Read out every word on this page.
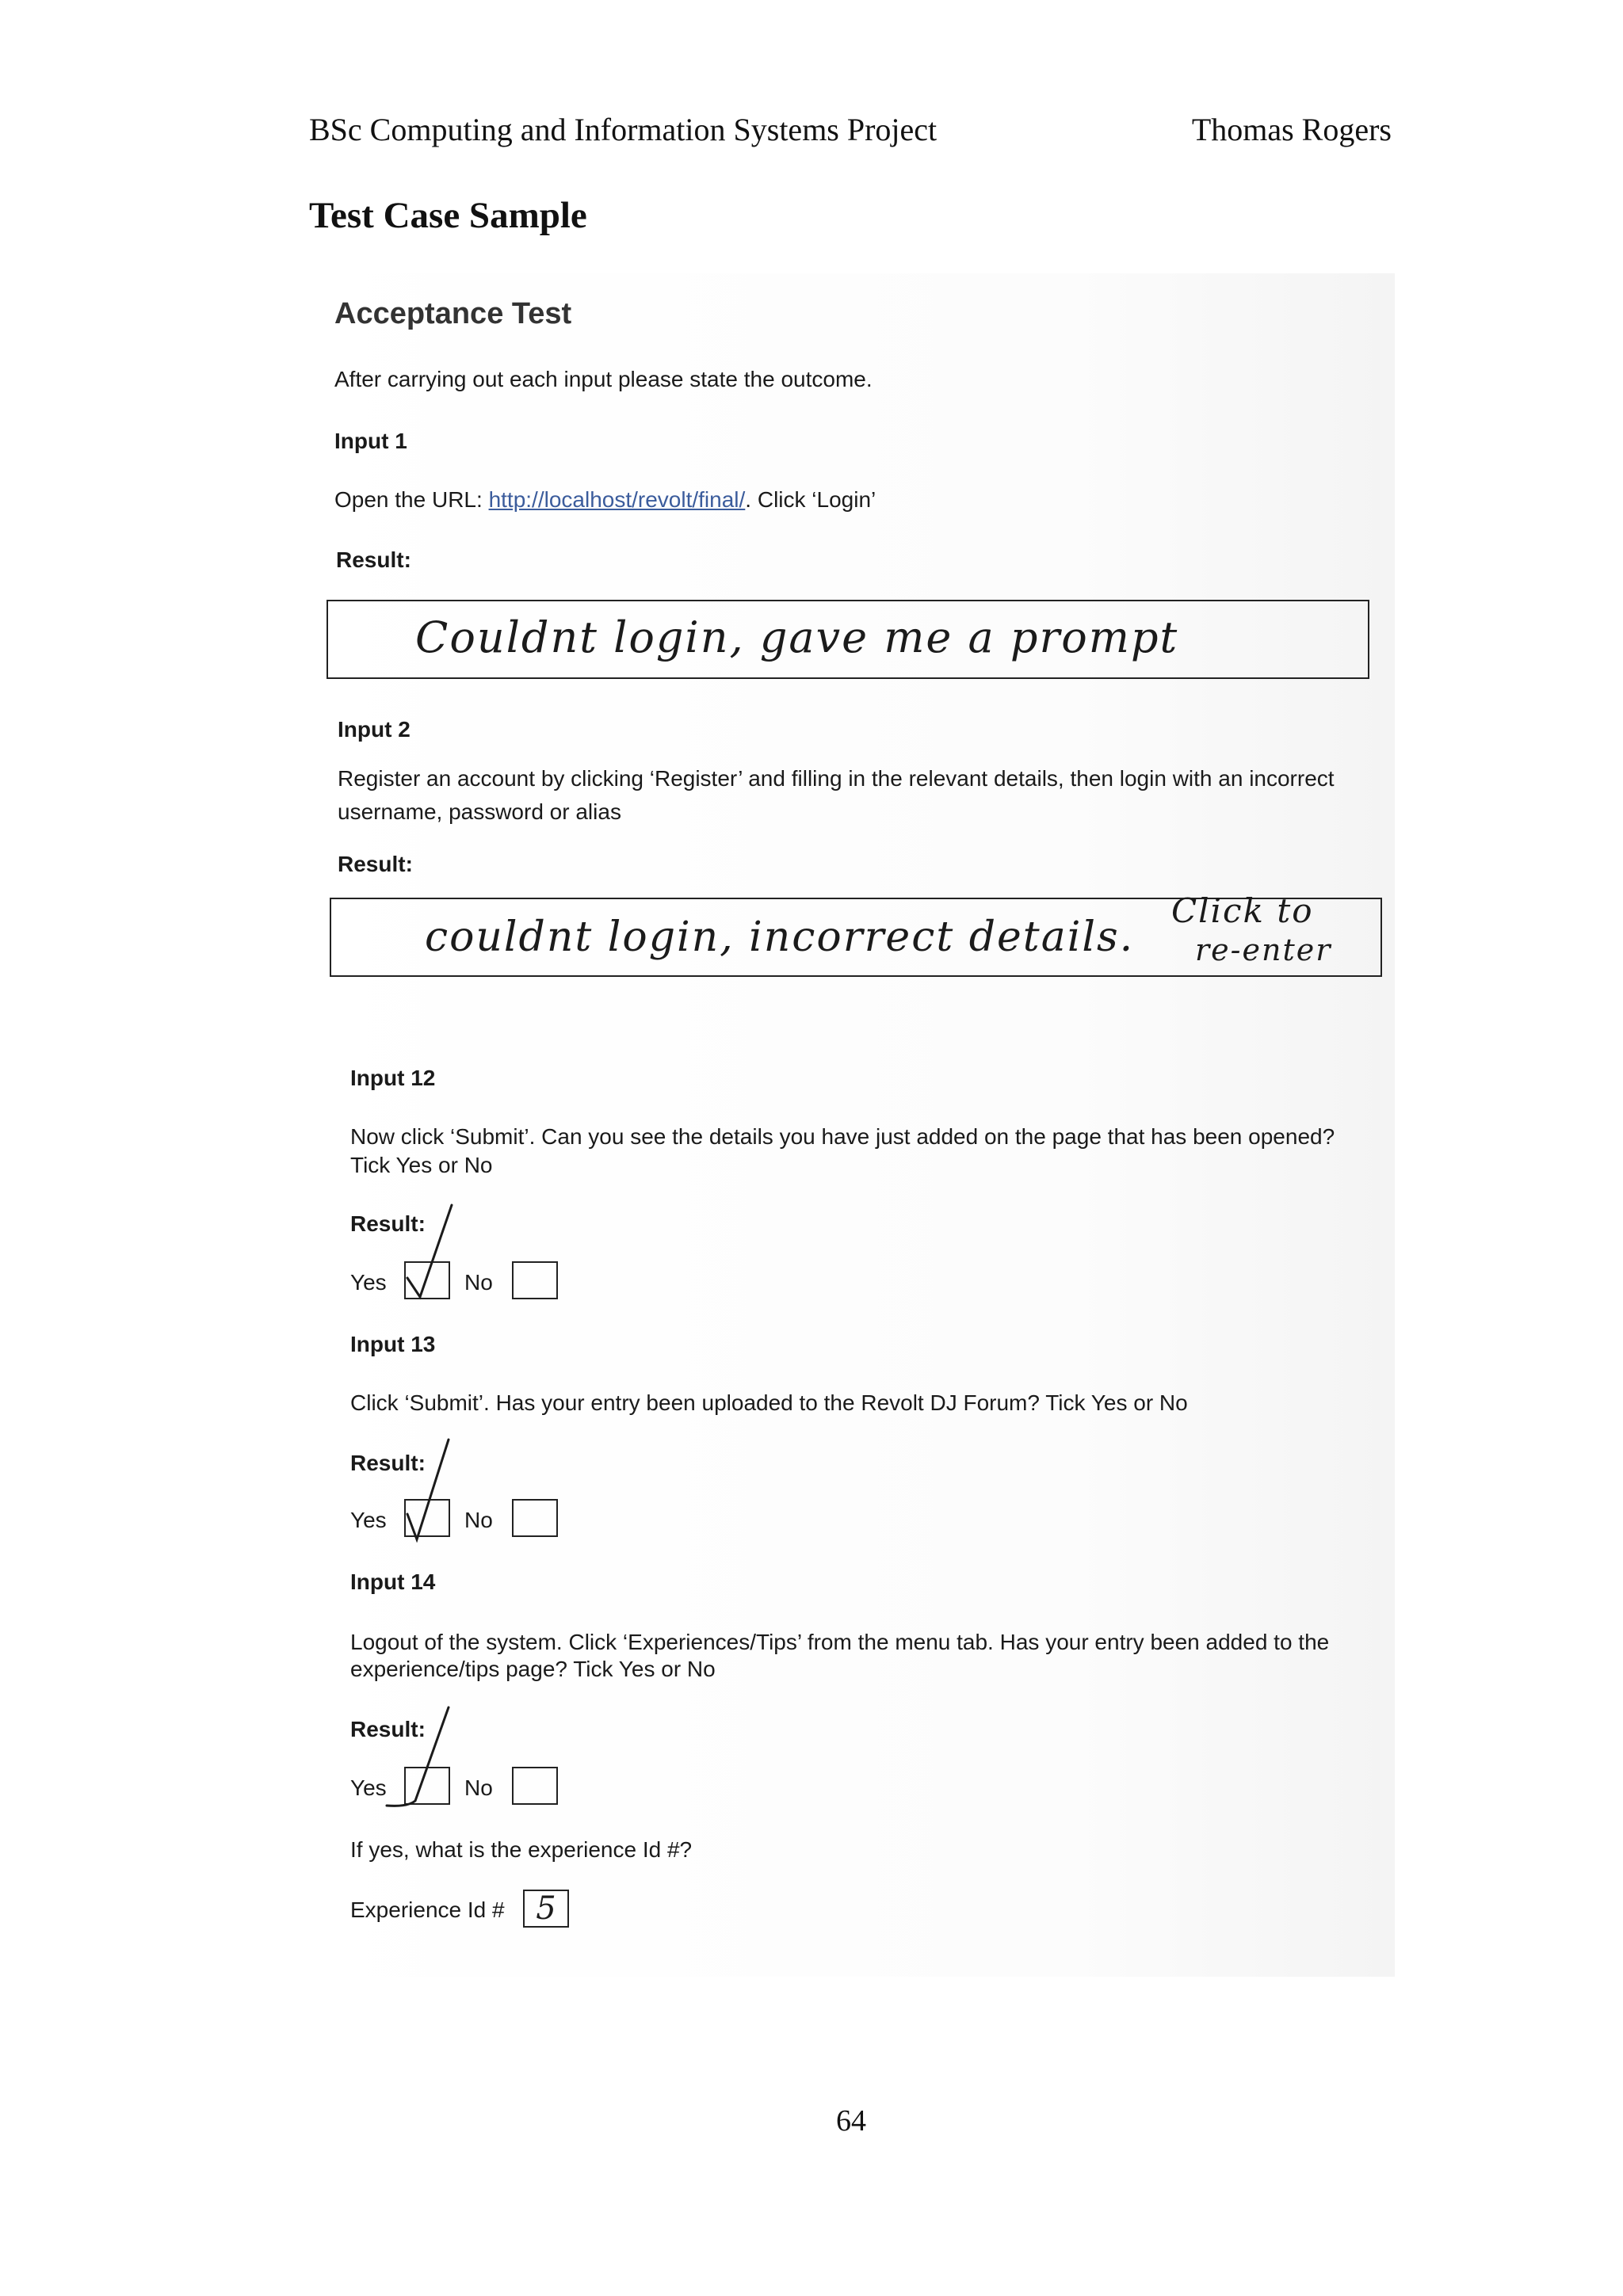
BSc Computing and Information Systems Project	Thomas Rogers
Test Case Sample
Acceptance Test
After carrying out each input please state the outcome.
Input 1
Open the URL: http://localhost/revolt/final/. Click ‘Login’
Result:
Couldnt login, gave me a prompt
Input 2
Register an account by clicking ‘Register’ and filling in the relevant details, then login with an incorrect
username, password or alias
Result:
couldnt login, incorrect details.
Click to
re-enter
Input 12
Now click ‘Submit’. Can you see the details you have just added on the page that has been opened?
Tick Yes or No
Result:
Yes	No
Input 13
Click ‘Submit’. Has your entry been uploaded to the Revolt DJ Forum? Tick Yes or No
Result:
Yes	No
Input 14
Logout of the system. Click ‘Experiences/Tips’ from the menu tab. Has your entry been added to the
experience/tips page? Tick Yes or No
Result:
Yes	No
If yes, what is the experience Id #?
Experience Id # 5
64
